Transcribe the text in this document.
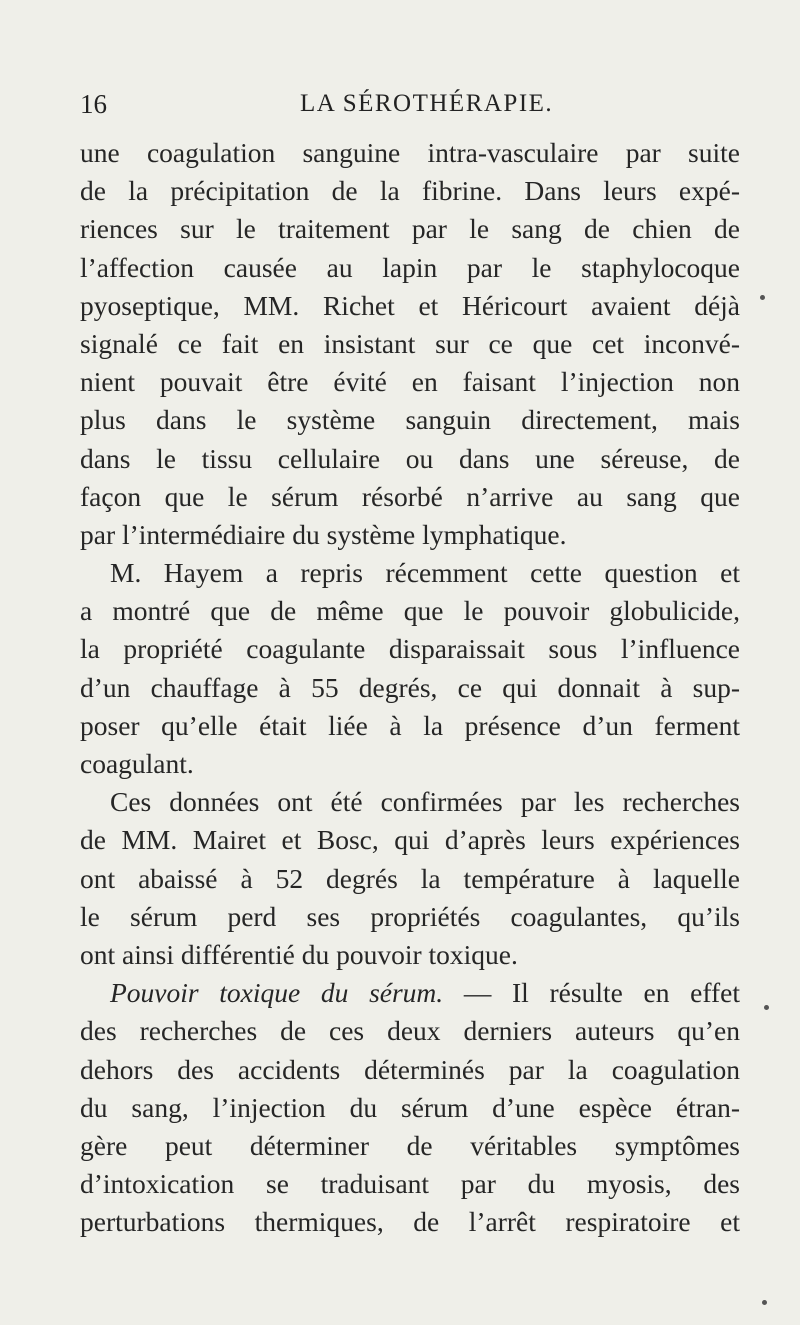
16	LA SÉROTHÉRAPIE.
une coagulation sanguine intra-vasculaire par suite
de la précipitation de la fibrine. Dans leurs expé-
riences sur le traitement par le sang de chien de
l’affection causée au lapin par le staphylocoque
pyoseptique, MM. Richet et Héricourt avaient déjà
signalé ce fait en insistant sur ce que cet inconvé-
nient pouvait être évité en faisant l’injection non
plus dans le système sanguin directement, mais
dans le tissu cellulaire ou dans une séreuse, de
façon que le sérum résorbé n’arrive au sang que
par l’intermédiaire du système lymphatique.
M. Hayem a repris récemment cette question et
a montré que de même que le pouvoir globulicide,
la propriété coagulante disparaissait sous l’influence
d’un chauffage à 55 degrés, ce qui donnait à sup-
poser qu’elle était liée à la présence d’un ferment
coagulant.
Ces données ont été confirmées par les recherches
de MM. Mairet et Bosc, qui d’après leurs expériences
ont abaissé à 52 degrés la température à laquelle
le sérum perd ses propriétés coagulantes, qu’ils
ont ainsi différentié du pouvoir toxique.
Pouvoir toxique du sérum. — Il résulte en effet
des recherches de ces deux derniers auteurs qu’en
dehors des accidents déterminés par la coagulation
du sang, l’injection du sérum d’une espèce étran-
gère peut déterminer de véritables symptômes
d’intoxication se traduisant par du myosis, des
perturbations thermiques, de l’arrêt respiratoire et
